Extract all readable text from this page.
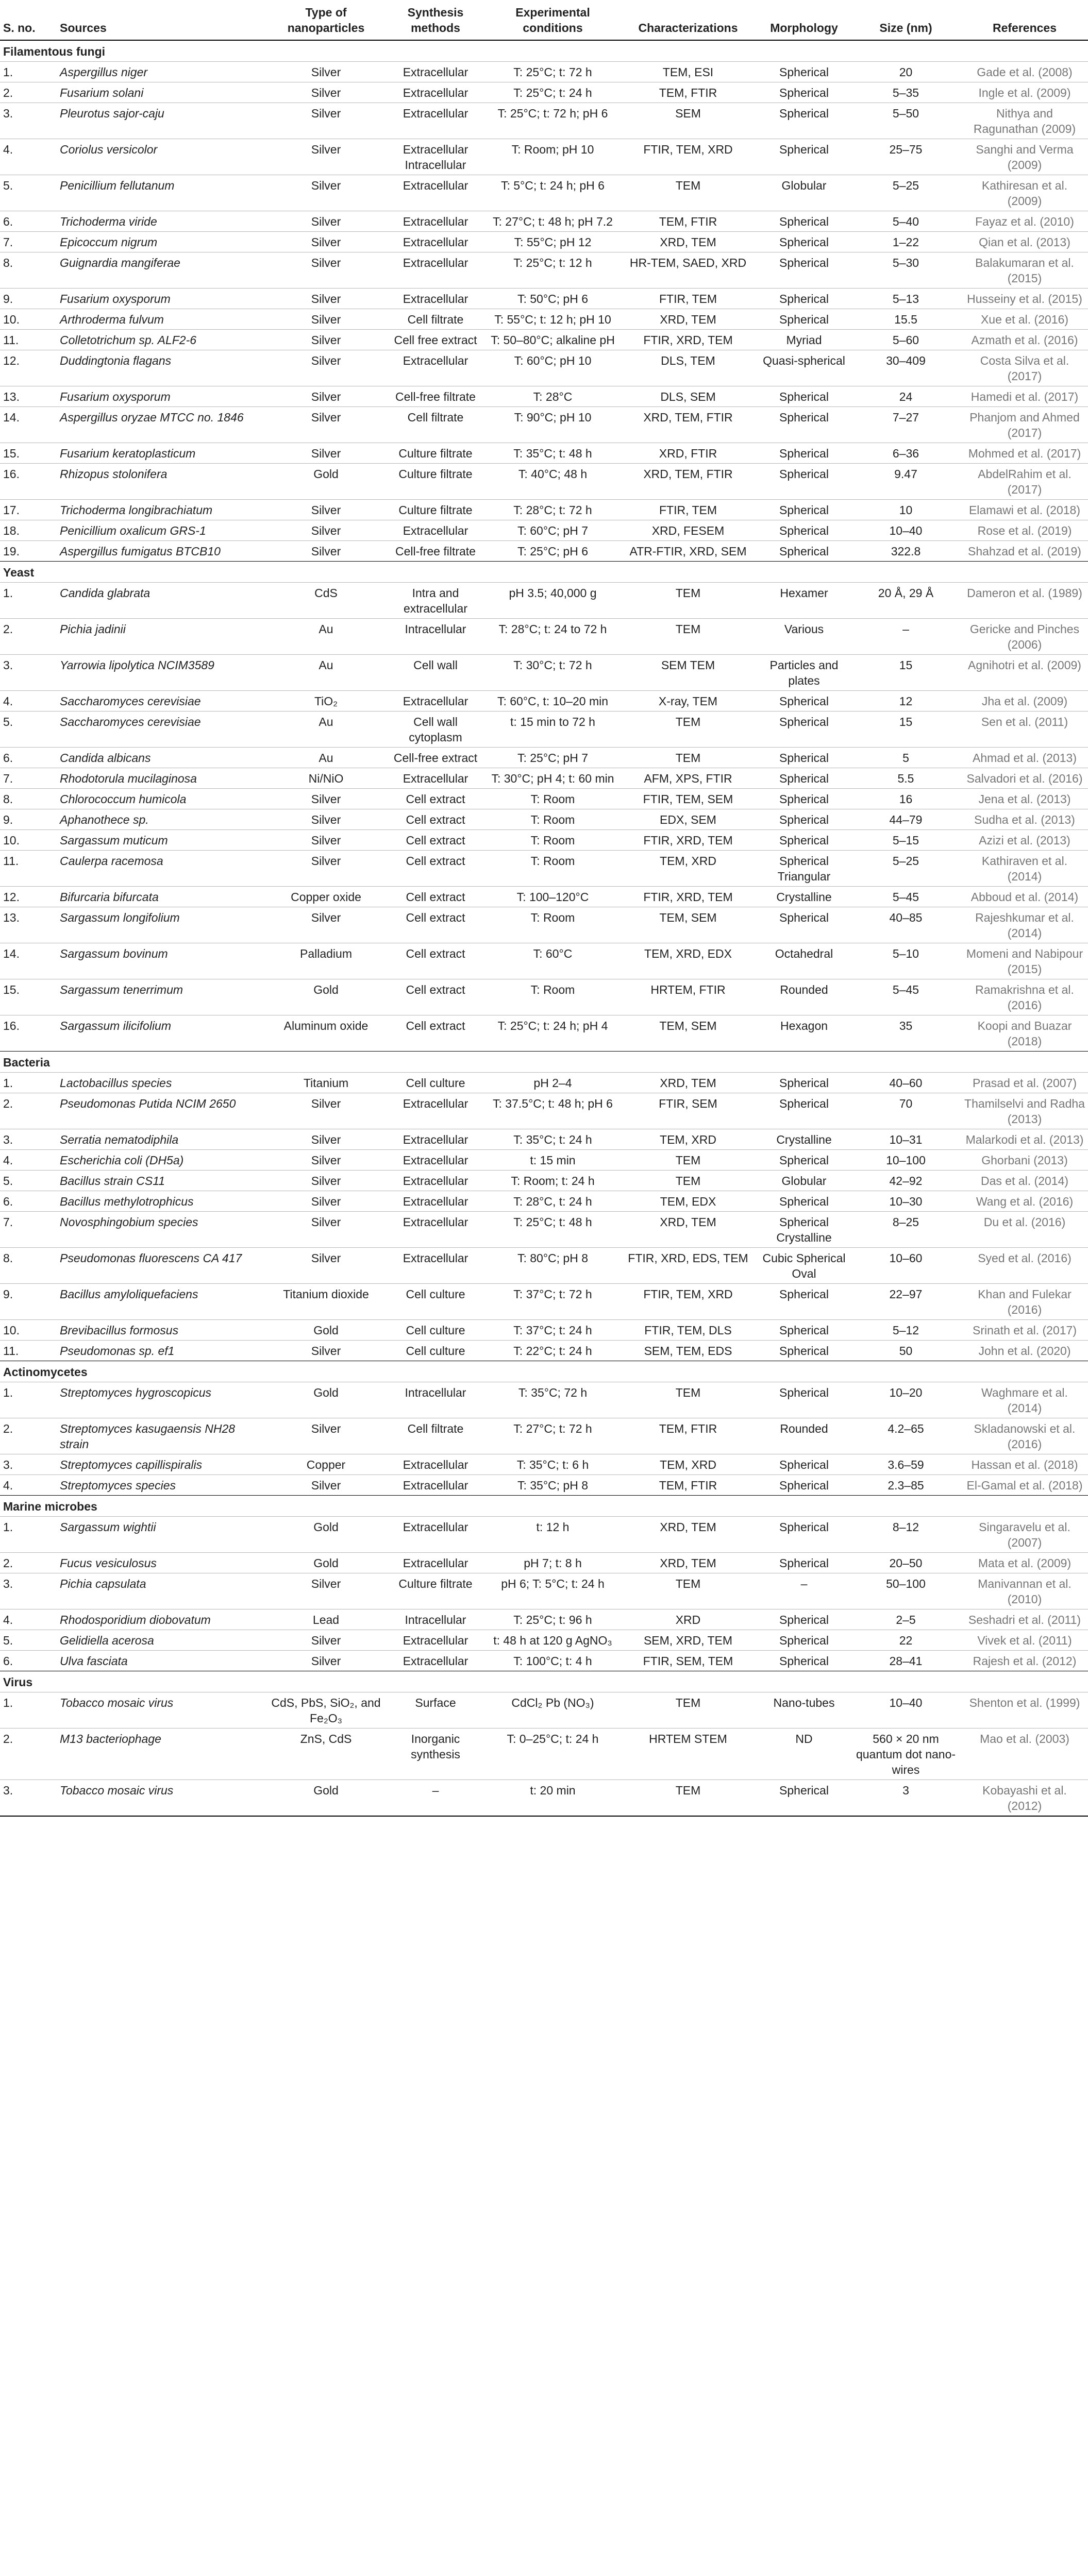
S. no.	Sources	Type of nanoparticles	Synthesis methods	Experimental conditions	Characterizations	Morphology	Size (nm)	References
Filamentous fungi								
1.	Aspergillus niger	Silver	Extracellular	T: 25°C; t: 72 h	TEM, ESI	Spherical	20	Gade et al. (2008)
2.	Fusarium solani	Silver	Extracellular	T: 25°C; t: 24 h	TEM, FTIR	Spherical	5–35	Ingle et al. (2009)
3.	Pleurotus sajor-caju	Silver	Extracellular	T: 25°C; t: 72 h; pH 6	SEM	Spherical	5–50	Nithya and Ragunathan (2009)
4.	Coriolus versicolor	Silver	Extracellular Intracellular	T: Room; pH 10	FTIR, TEM, XRD	Spherical	25–75	Sanghi and Verma (2009)
5.	Penicillium fellutanum	Silver	Extracellular	T: 5°C; t: 24 h; pH 6	TEM	Globular	5–25	Kathiresan et al. (2009)
6.	Trichoderma viride	Silver	Extracellular	T: 27°C; t: 48 h; pH 7.2	TEM, FTIR	Spherical	5–40	Fayaz et al. (2010)
7.	Epicoccum nigrum	Silver	Extracellular	T: 55°C; pH 12	XRD, TEM	Spherical	1–22	Qian et al. (2013)
8.	Guignardia mangiferae	Silver	Extracellular	T: 25°C; t: 12 h	HR-TEM, SAED, XRD	Spherical	5–30	Balakumaran et al. (2015)
9.	Fusarium oxysporum	Silver	Extracellular	T: 50°C; pH 6	FTIR, TEM	Spherical	5–13	Husseiny et al. (2015)
10.	Arthroderma fulvum	Silver	Cell filtrate	T: 55°C; t: 12 h; pH 10	XRD, TEM	Spherical	15.5	Xue et al. (2016)
11.	Colletotrichum sp. ALF2-6	Silver	Cell free extract	T: 50–80°C; alkaline pH	FTIR, XRD, TEM	Myriad	5–60	Azmath et al. (2016)
12.	Duddingtonia flagans	Silver	Extracellular	T: 60°C; pH 10	DLS, TEM	Quasi-spherical	30–409	Costa Silva et al. (2017)
13.	Fusarium oxysporum	Silver	Cell-free filtrate	T: 28°C	DLS, SEM	Spherical	24	Hamedi et al. (2017)
14.	Aspergillus oryzae MTCC no. 1846	Silver	Cell filtrate	T: 90°C; pH 10	XRD, TEM, FTIR	Spherical	7–27	Phanjom and Ahmed (2017)
15.	Fusarium keratoplasticum	Silver	Culture filtrate	T: 35°C; t: 48 h	XRD, FTIR	Spherical	6–36	Mohmed et al. (2017)
16.	Rhizopus stolonifera	Gold	Culture filtrate	T: 40°C; 48 h	XRD, TEM, FTIR	Spherical	9.47	AbdelRahim et al. (2017)
17.	Trichoderma longibrachiatum	Silver	Culture filtrate	T: 28°C; t: 72 h	FTIR, TEM	Spherical	10	Elamawi et al. (2018)
18.	Penicillium oxalicum GRS-1	Silver	Extracellular	T: 60°C; pH 7	XRD, FESEM	Spherical	10–40	Rose et al. (2019)
19.	Aspergillus fumigatus BTCB10	Silver	Cell-free filtrate	T: 25°C; pH 6	ATR-FTIR, XRD, SEM	Spherical	322.8	Shahzad et al. (2019)
Yeast								
1.	Candida glabrata	CdS	Intra and extracellular	pH 3.5; 40,000 g	TEM	Hexamer	20 Å, 29 Å	Dameron et al. (1989)
2.	Pichia jadinii	Au	Intracellular	T: 28°C; t: 24 to 72 h	TEM	Various	–	Gericke and Pinches (2006)
3.	Yarrowia lipolytica NCIM3589	Au	Cell wall	T: 30°C; t: 72 h	SEM TEM	Particles and plates	15	Agnihotri et al. (2009)
4.	Saccharomyces cerevisiae	TiO₂	Extracellular	T: 60°C, t: 10–20 min	X-ray, TEM	Spherical	12	Jha et al. (2009)
5.	Saccharomyces cerevisiae	Au	Cell wall cytoplasm	t: 15 min to 72 h	TEM	Spherical	15	Sen et al. (2011)
6.	Candida albicans	Au	Cell-free extract	T: 25°C; pH 7	TEM	Spherical	5	Ahmad et al. (2013)
7.	Rhodotorula mucilaginosa	Ni/NiO	Extracellular	T: 30°C; pH 4; t: 60 min	AFM, XPS, FTIR	Spherical	5.5	Salvadori et al. (2016)
8.	Chlorococcum humicola	Silver	Cell extract	T: Room	FTIR, TEM, SEM	Spherical	16	Jena et al. (2013)
9.	Aphanothece sp.	Silver	Cell extract	T: Room	EDX, SEM	Spherical	44–79	Sudha et al. (2013)
10.	Sargassum muticum	Silver	Cell extract	T: Room	FTIR, XRD, TEM	Spherical	5–15	Azizi et al. (2013)
11.	Caulerpa racemosa	Silver	Cell extract	T: Room	TEM, XRD	Spherical Triangular	5–25	Kathiraven et al. (2014)
12.	Bifurcaria bifurcata	Copper oxide	Cell extract	T: 100–120°C	FTIR, XRD, TEM	Crystalline	5–45	Abboud et al. (2014)
13.	Sargassum longifolium	Silver	Cell extract	T: Room	TEM, SEM	Spherical	40–85	Rajeshkumar et al. (2014)
14.	Sargassum bovinum	Palladium	Cell extract	T: 60°C	TEM, XRD, EDX	Octahedral	5–10	Momeni and Nabipour (2015)
15.	Sargassum tenerrimum	Gold	Cell extract	T: Room	HRTEM, FTIR	Rounded	5–45	Ramakrishna et al. (2016)
16.	Sargassum ilicifolium	Aluminum oxide	Cell extract	T: 25°C; t: 24 h; pH 4	TEM, SEM	Hexagon	35	Koopi and Buazar (2018)
Bacteria								
1.	Lactobacillus species	Titanium	Cell culture	pH 2–4	XRD, TEM	Spherical	40–60	Prasad et al. (2007)
2.	Pseudomonas Putida NCIM 2650	Silver	Extracellular	T: 37.5°C; t: 48 h; pH 6	FTIR, SEM	Spherical	70	Thamilselvi and Radha (2013)
3.	Serratia nematodiphila	Silver	Extracellular	T: 35°C; t: 24 h	TEM, XRD	Crystalline	10–31	Malarkodi et al. (2013)
4.	Escherichia coli (DH5a)	Silver	Extracellular	t: 15 min	TEM	Spherical	10–100	Ghorbani (2013)
5.	Bacillus strain CS11	Silver	Extracellular	T: Room; t: 24 h	TEM	Globular	42–92	Das et al. (2014)
6.	Bacillus methylotrophicus	Silver	Extracellular	T: 28°C, t: 24 h	TEM, EDX	Spherical	10–30	Wang et al. (2016)
7.	Novosphingobium species	Silver	Extracellular	T: 25°C; t: 48 h	XRD, TEM	Spherical Crystalline	8–25	Du et al. (2016)
8.	Pseudomonas fluorescens CA 417	Silver	Extracellular	T: 80°C; pH 8	FTIR, XRD, EDS, TEM	Cubic Spherical Oval	10–60	Syed et al. (2016)
9.	Bacillus amyloliquefaciens	Titanium dioxide	Cell culture	T: 37°C; t: 72 h	FTIR, TEM, XRD	Spherical	22–97	Khan and Fulekar (2016)
10.	Brevibacillus formosus	Gold	Cell culture	T: 37°C; t: 24 h	FTIR, TEM, DLS	Spherical	5–12	Srinath et al. (2017)
11.	Pseudomonas sp. ef1	Silver	Cell culture	T: 22°C; t: 24 h	SEM, TEM, EDS	Spherical	50	John et al. (2020)
Actinomycetes								
1.	Streptomyces hygroscopicus	Gold	Intracellular	T: 35°C; 72 h	TEM	Spherical	10–20	Waghmare et al. (2014)
2.	Streptomyces kasugaensis NH28 strain	Silver	Cell filtrate	T: 27°C; t: 72 h	TEM, FTIR	Rounded	4.2–65	Skladanowski et al. (2016)
3.	Streptomyces capillispiralis	Copper	Extracellular	T: 35°C; t: 6 h	TEM, XRD	Spherical	3.6–59	Hassan et al. (2018)
4.	Streptomyces species	Silver	Extracellular	T: 35°C; pH 8	TEM, FTIR	Spherical	2.3–85	El-Gamal et al. (2018)
Marine microbes								
1.	Sargassum wightii	Gold	Extracellular	t: 12 h	XRD, TEM	Spherical	8–12	Singaravelu et al. (2007)
2.	Fucus vesiculosus	Gold	Extracellular	pH 7; t: 8 h	XRD, TEM	Spherical	20–50	Mata et al. (2009)
3.	Pichia capsulata	Silver	Culture filtrate	pH 6; T: 5°C; t: 24 h	TEM	–	50–100	Manivannan et al. (2010)
4.	Rhodosporidium diobovatum	Lead	Intracellular	T: 25°C; t: 96 h	XRD	Spherical	2–5	Seshadri et al. (2011)
5.	Gelidiella acerosa	Silver	Extracellular	t: 48 h at 120 g AgNO₃	SEM, XRD, TEM	Spherical	22	Vivek et al. (2011)
6.	Ulva fasciata	Silver	Extracellular	T: 100°C; t: 4 h	FTIR, SEM, TEM	Spherical	28–41	Rajesh et al. (2012)
Virus								
1.	Tobacco mosaic virus	CdS, PbS, SiO₂, and Fe₂O₃	Surface	CdCl₂ Pb (NO₃)	TEM	Nano-tubes	10–40	Shenton et al. (1999)
2.	M13 bacteriophage	ZnS, CdS	Inorganic synthesis	T: 0–25°C; t: 24 h	HRTEM STEM	ND	560 × 20 nm quantum dot nano-wires	Mao et al. (2003)
3.	Tobacco mosaic virus	Gold	–	t: 20 min	TEM	Spherical	3	Kobayashi et al. (2012)
